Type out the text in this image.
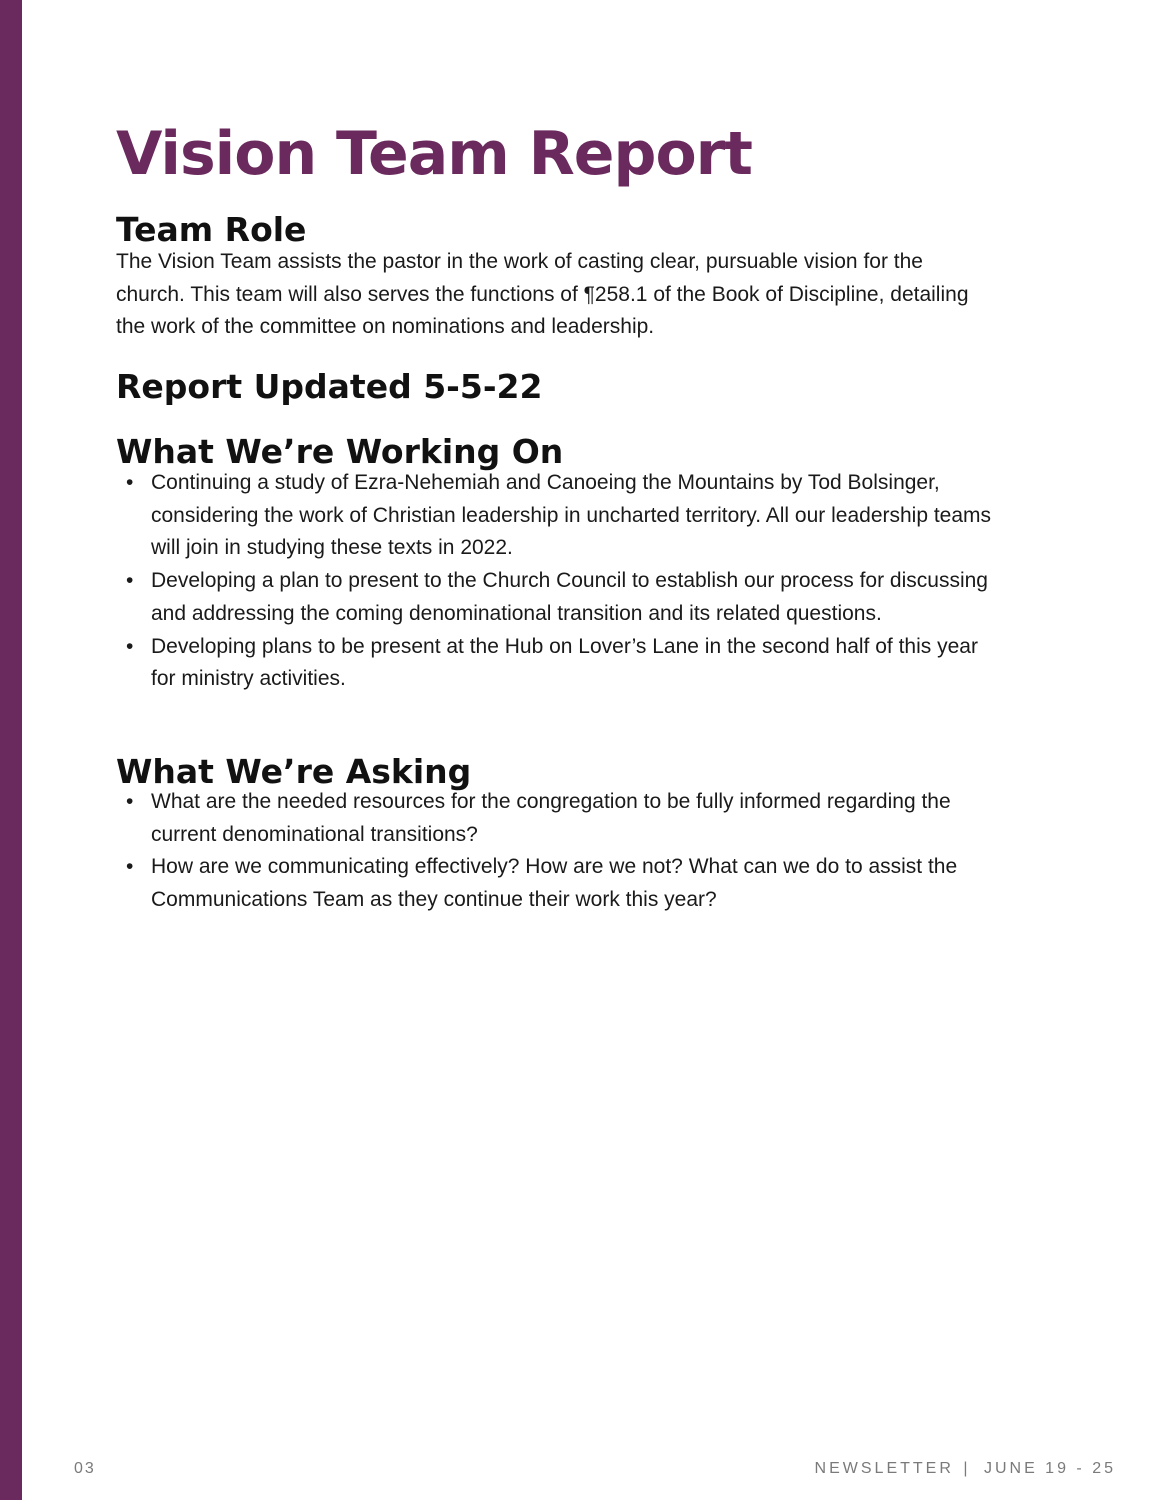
Vision Team Report
Team Role

The Vision Team assists the pastor in the work of casting clear, pursuable vision for the church. This team will also serves the functions of ¶258.1 of the Book of Discipline, detailing the work of the committee on nominations and leadership.

Report Updated 5-5-22
What We’re Working On
• Continuing a study of Ezra-Nehemiah and Canoeing the Mountains by Tod Bolsinger, considering the work of Christian leadership in uncharted territory. All our leadership teams will join in studying these texts in 2022.
• Developing a plan to present to the Church Council to establish our process for discussing and addressing the coming denominational transition and its related questions.
• Developing plans to be present at the Hub on Lover’s Lane in the second half of this year for ministry activities.
What We’re Asking
• What are the needed resources for the congregation to be fully informed regarding the current denominational transitions?
• How are we communicating effectively? How are we not? What can we do to assist the Communications Team as they continue their work this year?
03	NEWSLETTER | JUNE 19 - 25
